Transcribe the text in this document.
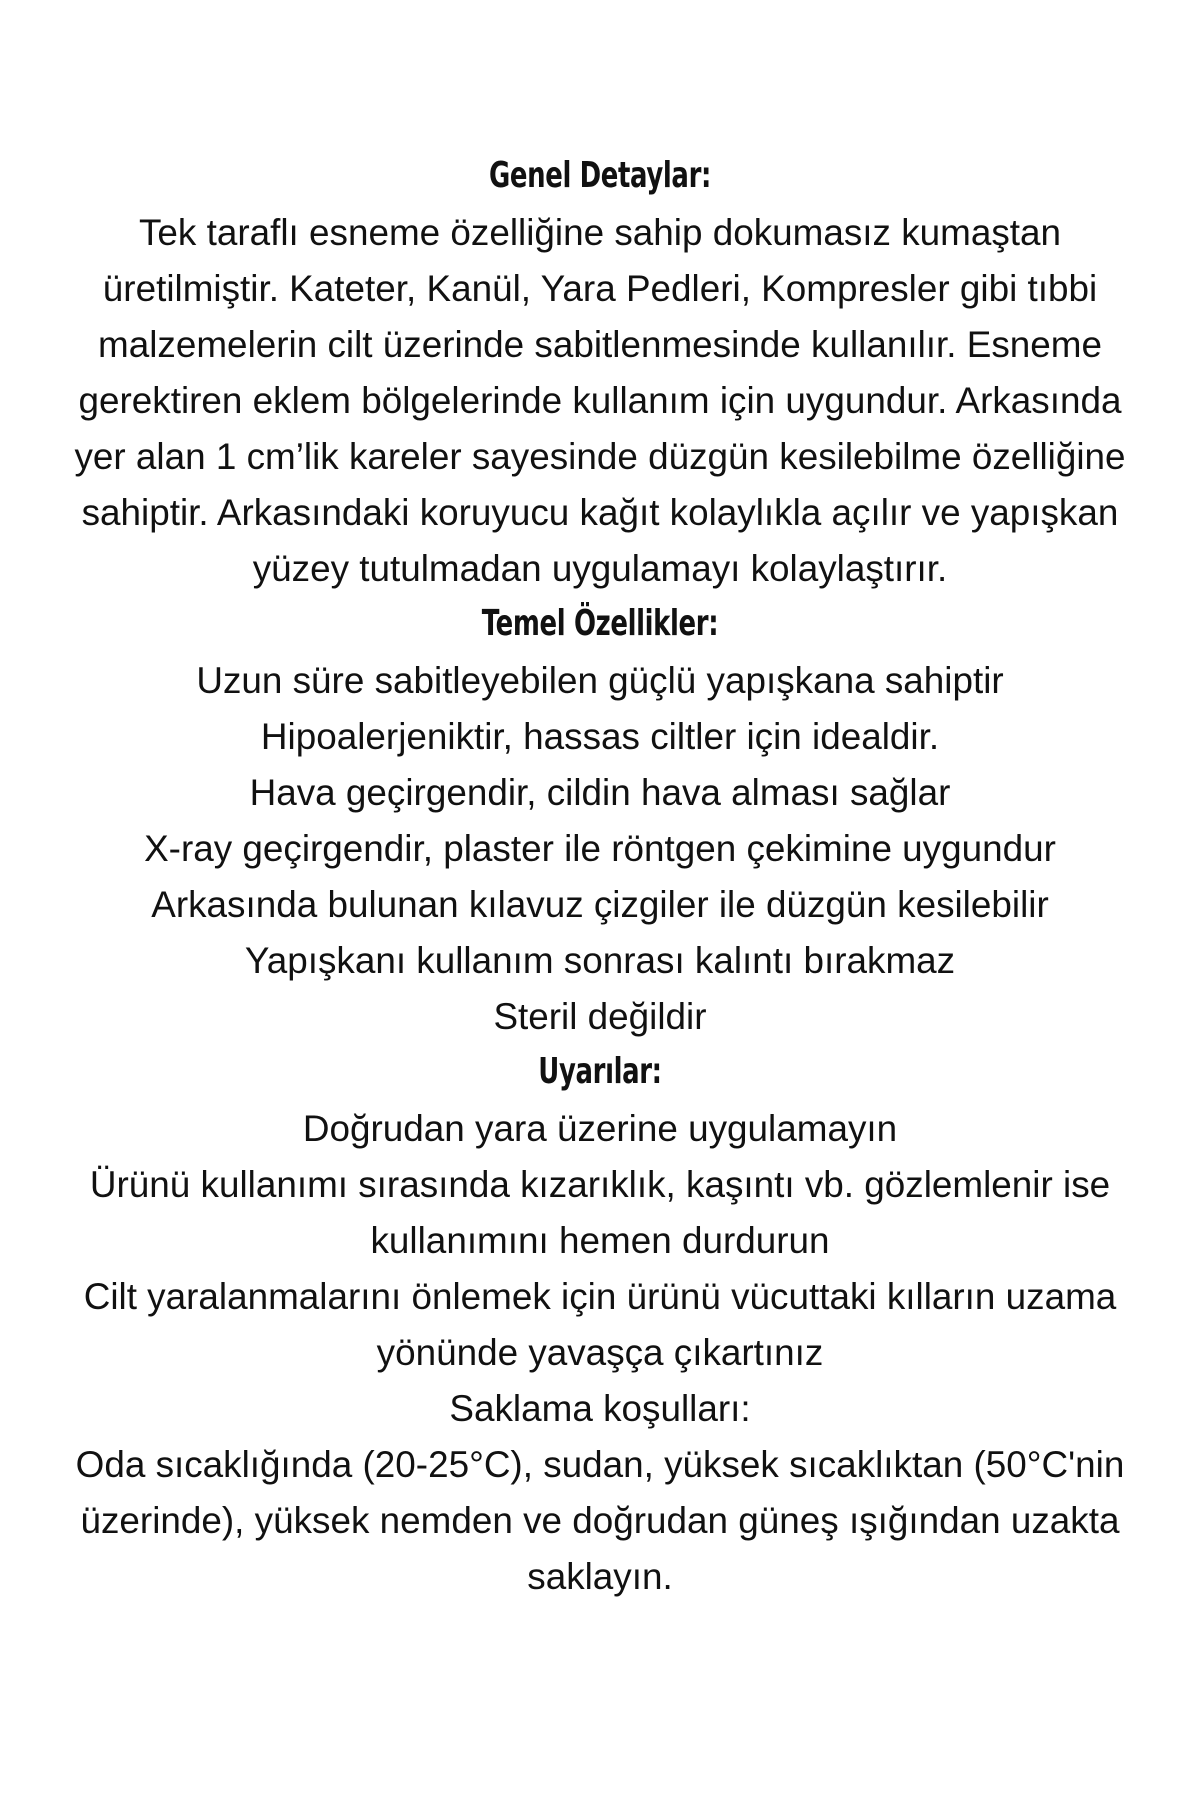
Genel Detaylar:
Tek taraflı esneme özelliğine sahip dokumasız kumaştan
üretilmiştir. Kateter, Kanül, Yara Pedleri, Kompresler gibi tıbbi
malzemelerin cilt üzerinde sabitlenmesinde kullanılır. Esneme
gerektiren eklem bölgelerinde kullanım için uygundur. Arkasında
yer alan 1 cm’lik kareler sayesinde düzgün kesilebilme özelliğine
sahiptir. Arkasındaki koruyucu kağıt kolaylıkla açılır ve yapışkan
yüzey tutulmadan uygulamayı kolaylaştırır.
Temel Özellikler:
Uzun süre sabitleyebilen güçlü yapışkana sahiptir
Hipoalerjeniktir, hassas ciltler için idealdir.
Hava geçirgendir, cildin hava alması sağlar
X-ray geçirgendir, plaster ile röntgen çekimine uygundur
Arkasında bulunan kılavuz çizgiler ile düzgün kesilebilir
Yapışkanı kullanım sonrası kalıntı bırakmaz
Steril değildir
Uyarılar:
Doğrudan yara üzerine uygulamayın
Ürünü kullanımı sırasında kızarıklık, kaşıntı vb. gözlemlenir ise
kullanımını hemen durdurun
Cilt yaralanmalarını önlemek için ürünü vücuttaki kılların uzama
yönünde yavaşça çıkartınız
Saklama koşulları:
Oda sıcaklığında (20-25°C), sudan, yüksek sıcaklıktan (50°C'nin
üzerinde), yüksek nemden ve doğrudan güneş ışığından uzakta
saklayın.
